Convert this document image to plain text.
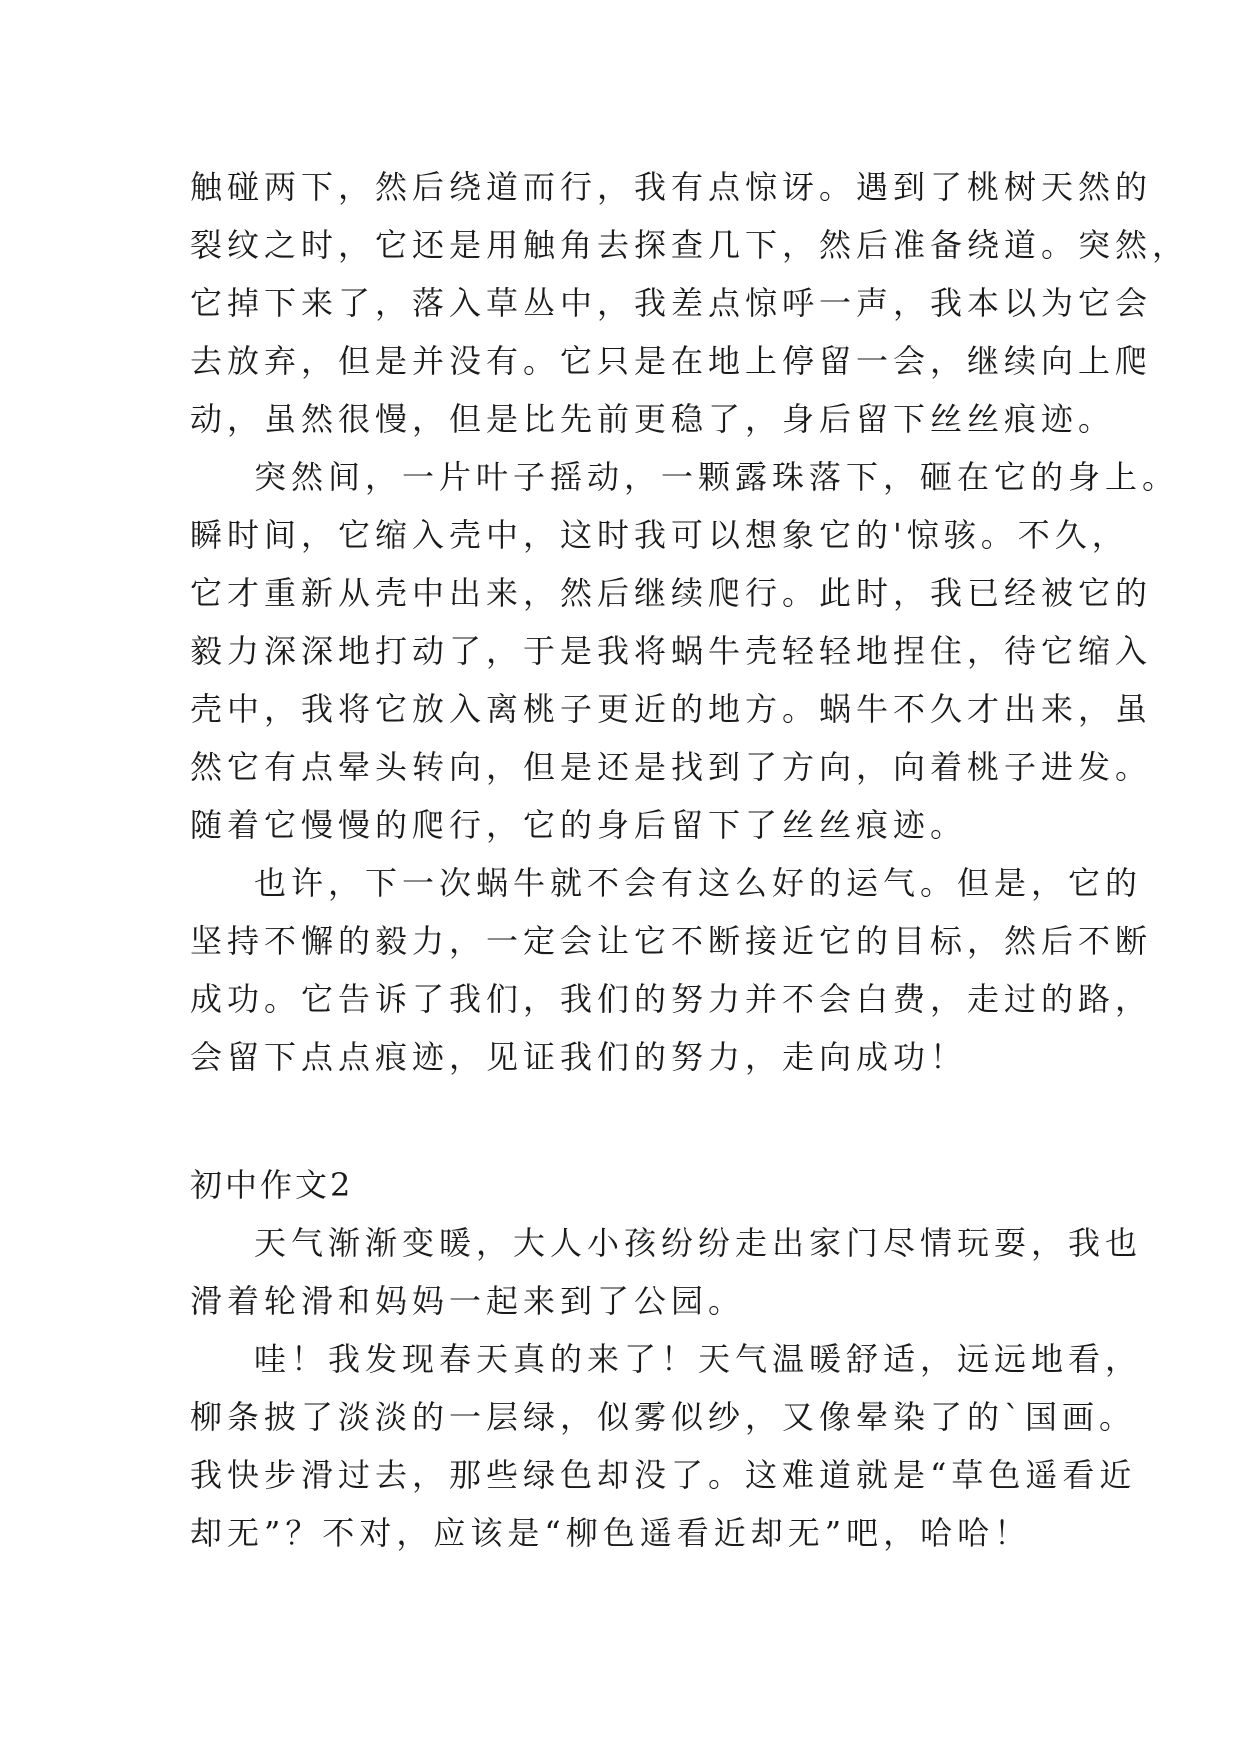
触碰两下，然后绕道而行，我有点惊讶。遇到了桃树天然的
裂纹之时，它还是用触角去探查几下，然后准备绕道。突然，
它掉下来了，落入草丛中，我差点惊呼一声，我本以为它会
去放弃，但是并没有。它只是在地上停留一会，继续向上爬
动，虽然很慢，但是比先前更稳了，身后留下丝丝痕迹。
突然间，一片叶子摇动，一颗露珠落下，砸在它的身上。
瞬时间，它缩入壳中，这时我可以想象它的'惊骇。不久，
它才重新从壳中出来，然后继续爬行。此时，我已经被它的
毅力深深地打动了，于是我将蜗牛壳轻轻地捏住，待它缩入
壳中，我将它放入离桃子更近的地方。蜗牛不久才出来，虽
然它有点晕头转向，但是还是找到了方向，向着桃子进发。
随着它慢慢的爬行，它的身后留下了丝丝痕迹。
也许，下一次蜗牛就不会有这么好的运气。但是，它的
坚持不懈的毅力，一定会让它不断接近它的目标，然后不断
成功。它告诉了我们，我们的努力并不会白费，走过的路，
会留下点点痕迹，见证我们的努力，走向成功！
初中作文2
天气渐渐变暖，大人小孩纷纷走出家门尽情玩耍，我也
滑着轮滑和妈妈一起来到了公园。
哇！我发现春天真的来了！天气温暖舒适，远远地看，
柳条披了淡淡的一层绿，似雾似纱，又像晕染了的`国画。
我快步滑过去，那些绿色却没了。这难道就是“草色遥看近
却无”？不对，应该是“柳色遥看近却无”吧，哈哈！
